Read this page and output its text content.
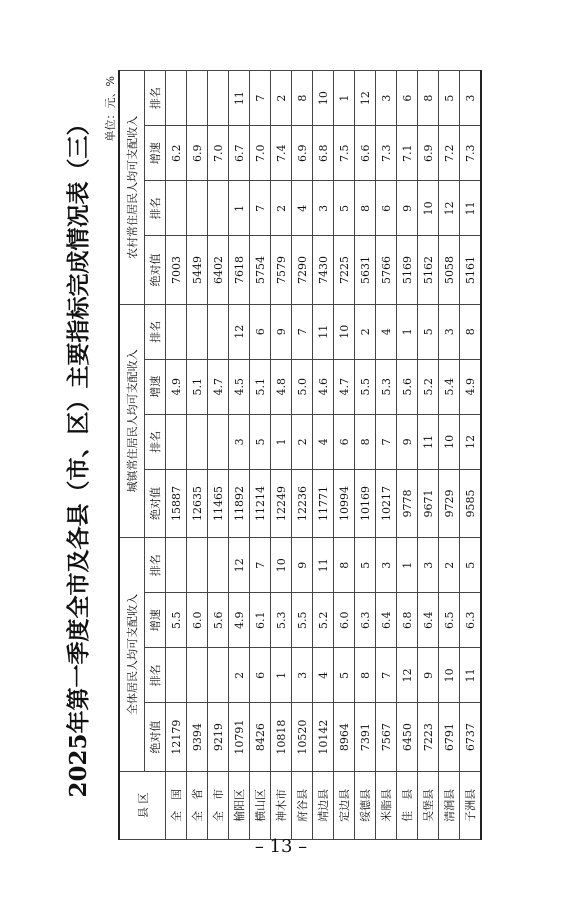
2025年第一季度全市及各县（市、区）主要指标完成情况表（三）
单位：元、%
县 区	全体居民人均可支配收入				城镇常住居民人均可支配收入				农村常住居民人均可支配收入			
	绝对值	排名	增速	排名	绝对值	排名	增速	排名	绝对值	排名	增速	排名
全　国	12179		5.5		15887		4.9		7003		6.2	
全　省	9394		6.0		12635		5.1		5449		6.9	
全　市	9219		5.6		11465		4.7		6402		7.0	
榆阳区	10791	2	4.9	12	11892	3	4.5	12	7618	1	6.7	11
横山区	8426	6	6.1	7	11214	5	5.1	6	5754	7	7.0	7
神木市	10818	1	5.3	10	12249	1	4.8	9	7579	2	7.4	2
府谷县	10520	3	5.5	9	12236	2	5.0	7	7290	4	6.9	8
靖边县	10142	4	5.2	11	11771	4	4.6	11	7430	3	6.8	10
定边县	8964	5	6.0	8	10994	6	4.7	10	7225	5	7.5	1
绥德县	7391	8	6.3	5	10169	8	5.5	2	5631	8	6.6	12
米脂县	7567	7	6.4	3	10217	7	5.3	4	5766	6	7.3	3
佳　县	6450	12	6.8	1	9778	9	5.6	1	5169	9	7.1	6
吴堡县	7223	9	6.4	3	9671	11	5.2	5	5162	10	6.9	8
清涧县	6791	10	6.5	2	9729	10	5.4	3	5058	12	7.2	5
子洲县	6737	11	6.3	5	9585	12	4.9	8	5161	11	7.3	3
– 13 –
